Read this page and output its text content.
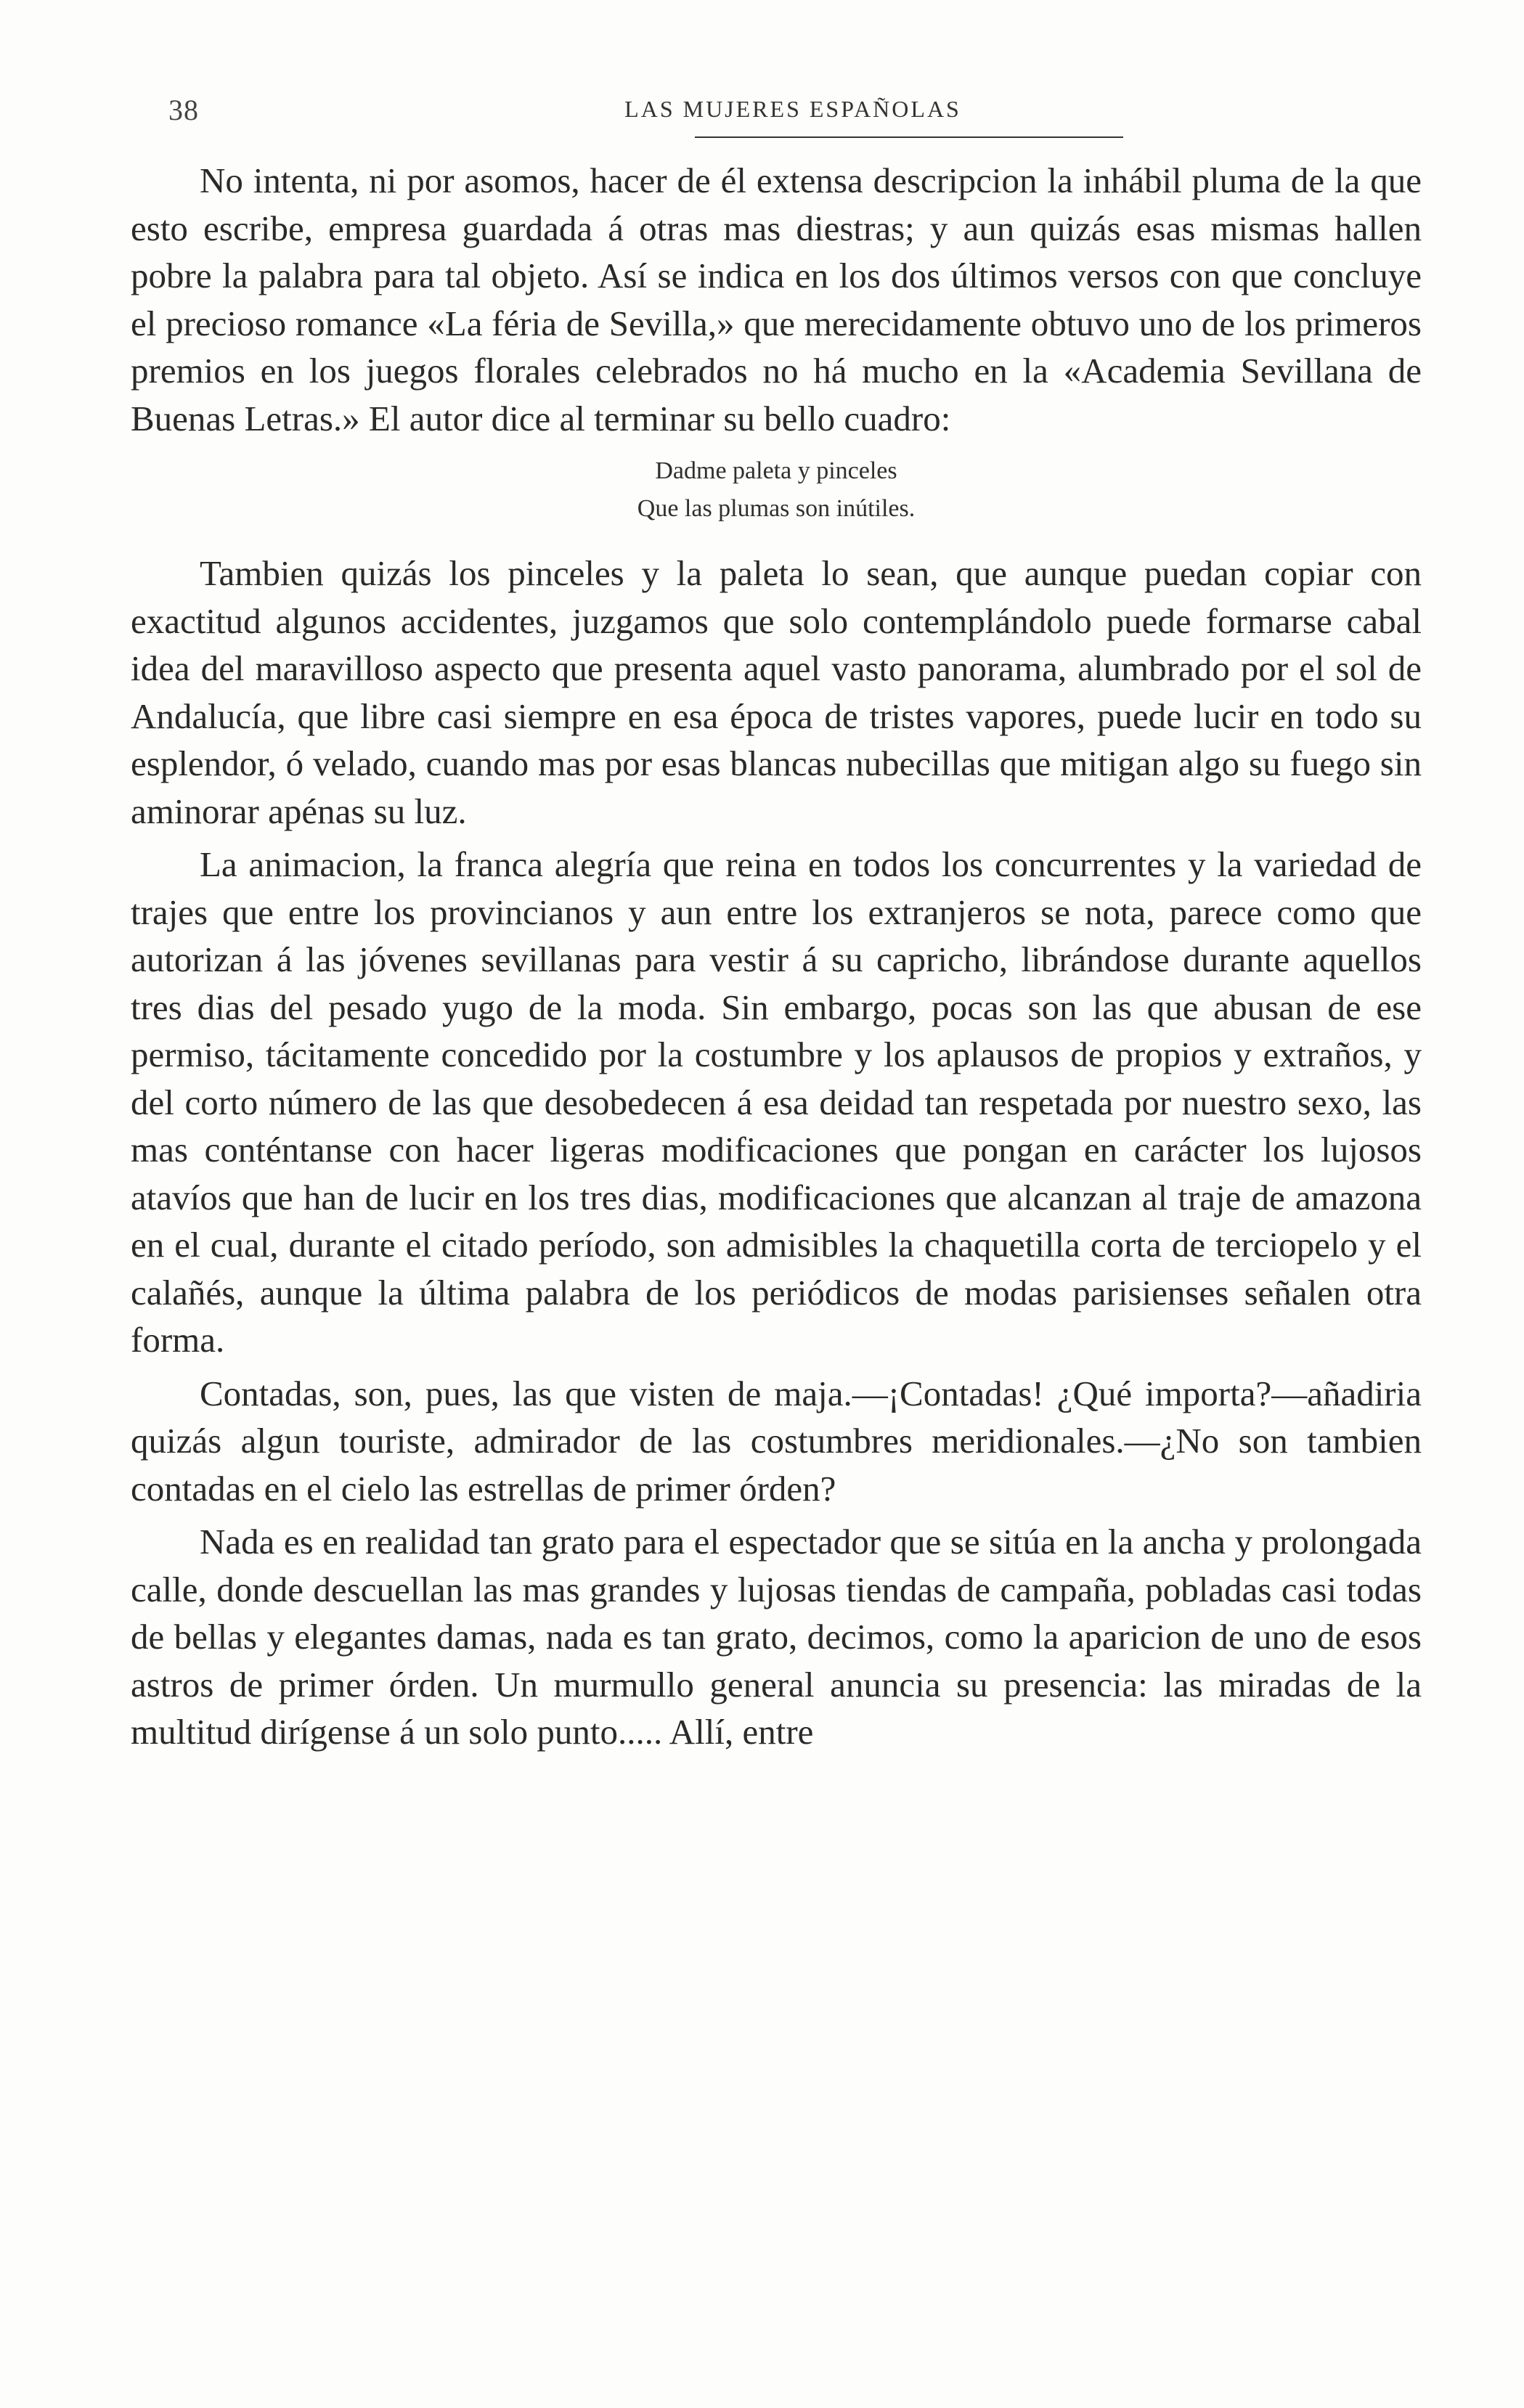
38	LAS MUJERES ESPAÑOLAS

No intenta, ni por asomos, hacer de él extensa descripcion la inhábil pluma de la que esto escribe, empresa guardada á otras mas diestras; y aun quizás esas mismas hallen pobre la palabra para tal objeto. Así se indica en los dos últimos versos con que concluye el precioso romance «La féria de Sevilla,» que merecidamente obtuvo uno de los primeros premios en los juegos florales celebrados no há mucho en la «Academia Sevillana de Buenas Letras.» El autor dice al terminar su bello cuadro:

Dadme paleta y pinceles

Que las plumas son inútiles.

Tambien quizás los pinceles y la paleta lo sean, que aunque puedan copiar con exactitud algunos accidentes, juzgamos que solo contemplándolo puede formarse cabal idea del maravilloso aspecto que presenta aquel vasto panorama, alumbrado por el sol de Andalucía, que libre casi siempre en esa época de tristes vapores, puede lucir en todo su esplendor, ó velado, cuando mas por esas blancas nubecillas que mitigan algo su fuego sin aminorar apénas su luz.

La animacion, la franca alegría que reina en todos los concurrentes y la variedad de trajes que entre los provincianos y aun entre los extranjeros se nota, parece como que autorizan á las jóvenes sevillanas para vestir á su capricho, librándose durante aquellos tres dias del pesado yugo de la moda. Sin embargo, pocas son las que abusan de ese permiso, tácitamente concedido por la costumbre y los aplausos de propios y extraños, y del corto número de las que desobedecen á esa deidad tan respetada por nuestro sexo, las mas conténtanse con hacer ligeras modificaciones que pongan en carácter los lujosos atavíos que han de lucir en los tres dias, modificaciones que alcanzan al traje de amazona en el cual, durante el citado período, son admisibles la chaquetilla corta de terciopelo y el calañés, aunque la última palabra de los periódicos de modas parisienses señalen otra forma.

Contadas, son, pues, las que visten de maja.—¡Contadas! ¿Qué importa?—añadiria quizás algun touriste, admirador de las costumbres meridionales.—¿No son tambien contadas en el cielo las estrellas de primer órden?

Nada es en realidad tan grato para el espectador que se sitúa en la ancha y prolongada calle, donde descuellan las mas grandes y lujosas tiendas de campaña, pobladas casi todas de bellas y elegantes damas, nada es tan grato, decimos, como la aparicion de uno de esos astros de primer órden. Un murmullo general anuncia su presencia: las miradas de la multitud dirígense á un solo punto..... Allí, entre
